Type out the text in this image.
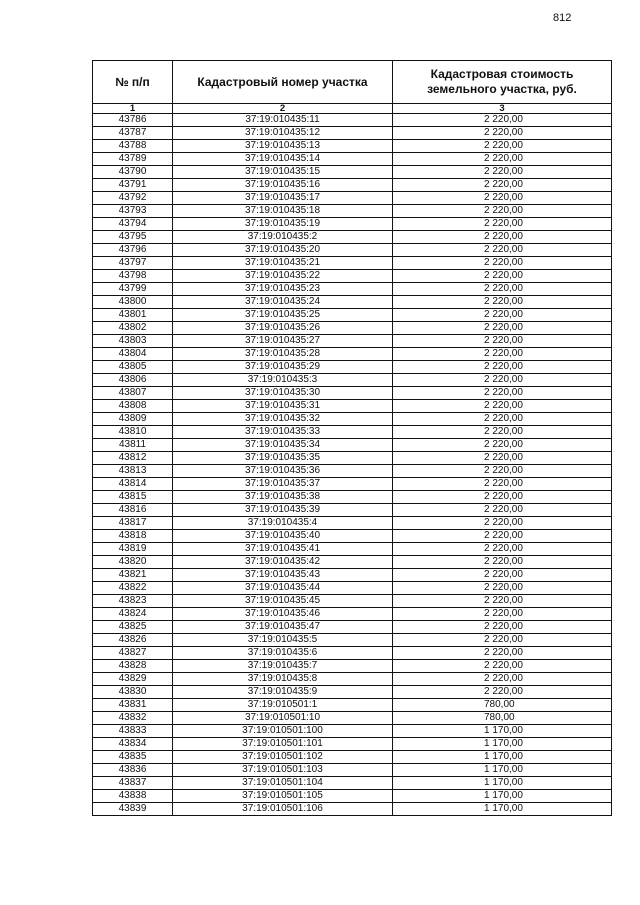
812
№ п/п	Кадастровый номер участка	Кадастровая стоимость
земельного участка, руб.
1	2	3
43786	37:19:010435:11	2 220,00
43787	37:19:010435:12	2 220,00
43788	37:19:010435:13	2 220,00
43789	37:19:010435:14	2 220,00
43790	37:19:010435:15	2 220,00
43791	37:19:010435:16	2 220,00
43792	37:19:010435:17	2 220,00
43793	37:19:010435:18	2 220,00
43794	37:19:010435:19	2 220,00
43795	37:19:010435:2	2 220,00
43796	37:19:010435:20	2 220,00
43797	37:19:010435:21	2 220,00
43798	37:19:010435:22	2 220,00
43799	37:19:010435:23	2 220,00
43800	37:19:010435:24	2 220,00
43801	37:19:010435:25	2 220,00
43802	37:19:010435:26	2 220,00
43803	37:19:010435:27	2 220,00
43804	37:19:010435:28	2 220,00
43805	37:19:010435:29	2 220,00
43806	37:19:010435:3	2 220,00
43807	37:19:010435:30	2 220,00
43808	37:19:010435:31	2 220,00
43809	37:19:010435:32	2 220,00
43810	37:19:010435:33	2 220,00
43811	37:19:010435:34	2 220,00
43812	37:19:010435:35	2 220,00
43813	37:19:010435:36	2 220,00
43814	37:19:010435:37	2 220,00
43815	37:19:010435:38	2 220,00
43816	37:19:010435:39	2 220,00
43817	37:19:010435:4	2 220,00
43818	37:19:010435:40	2 220,00
43819	37:19:010435:41	2 220,00
43820	37:19:010435:42	2 220,00
43821	37:19:010435:43	2 220,00
43822	37:19:010435:44	2 220,00
43823	37:19:010435:45	2 220,00
43824	37:19:010435:46	2 220,00
43825	37:19:010435:47	2 220,00
43826	37:19:010435:5	2 220,00
43827	37:19:010435:6	2 220,00
43828	37:19:010435:7	2 220,00
43829	37:19:010435:8	2 220,00
43830	37:19:010435:9	2 220,00
43831	37:19:010501:1	780,00
43832	37:19:010501:10	780,00
43833	37:19:010501:100	1 170,00
43834	37:19:010501:101	1 170,00
43835	37:19:010501:102	1 170,00
43836	37:19:010501:103	1 170,00
43837	37:19:010501:104	1 170,00
43838	37:19:010501:105	1 170,00
43839	37:19:010501:106	1 170,00
